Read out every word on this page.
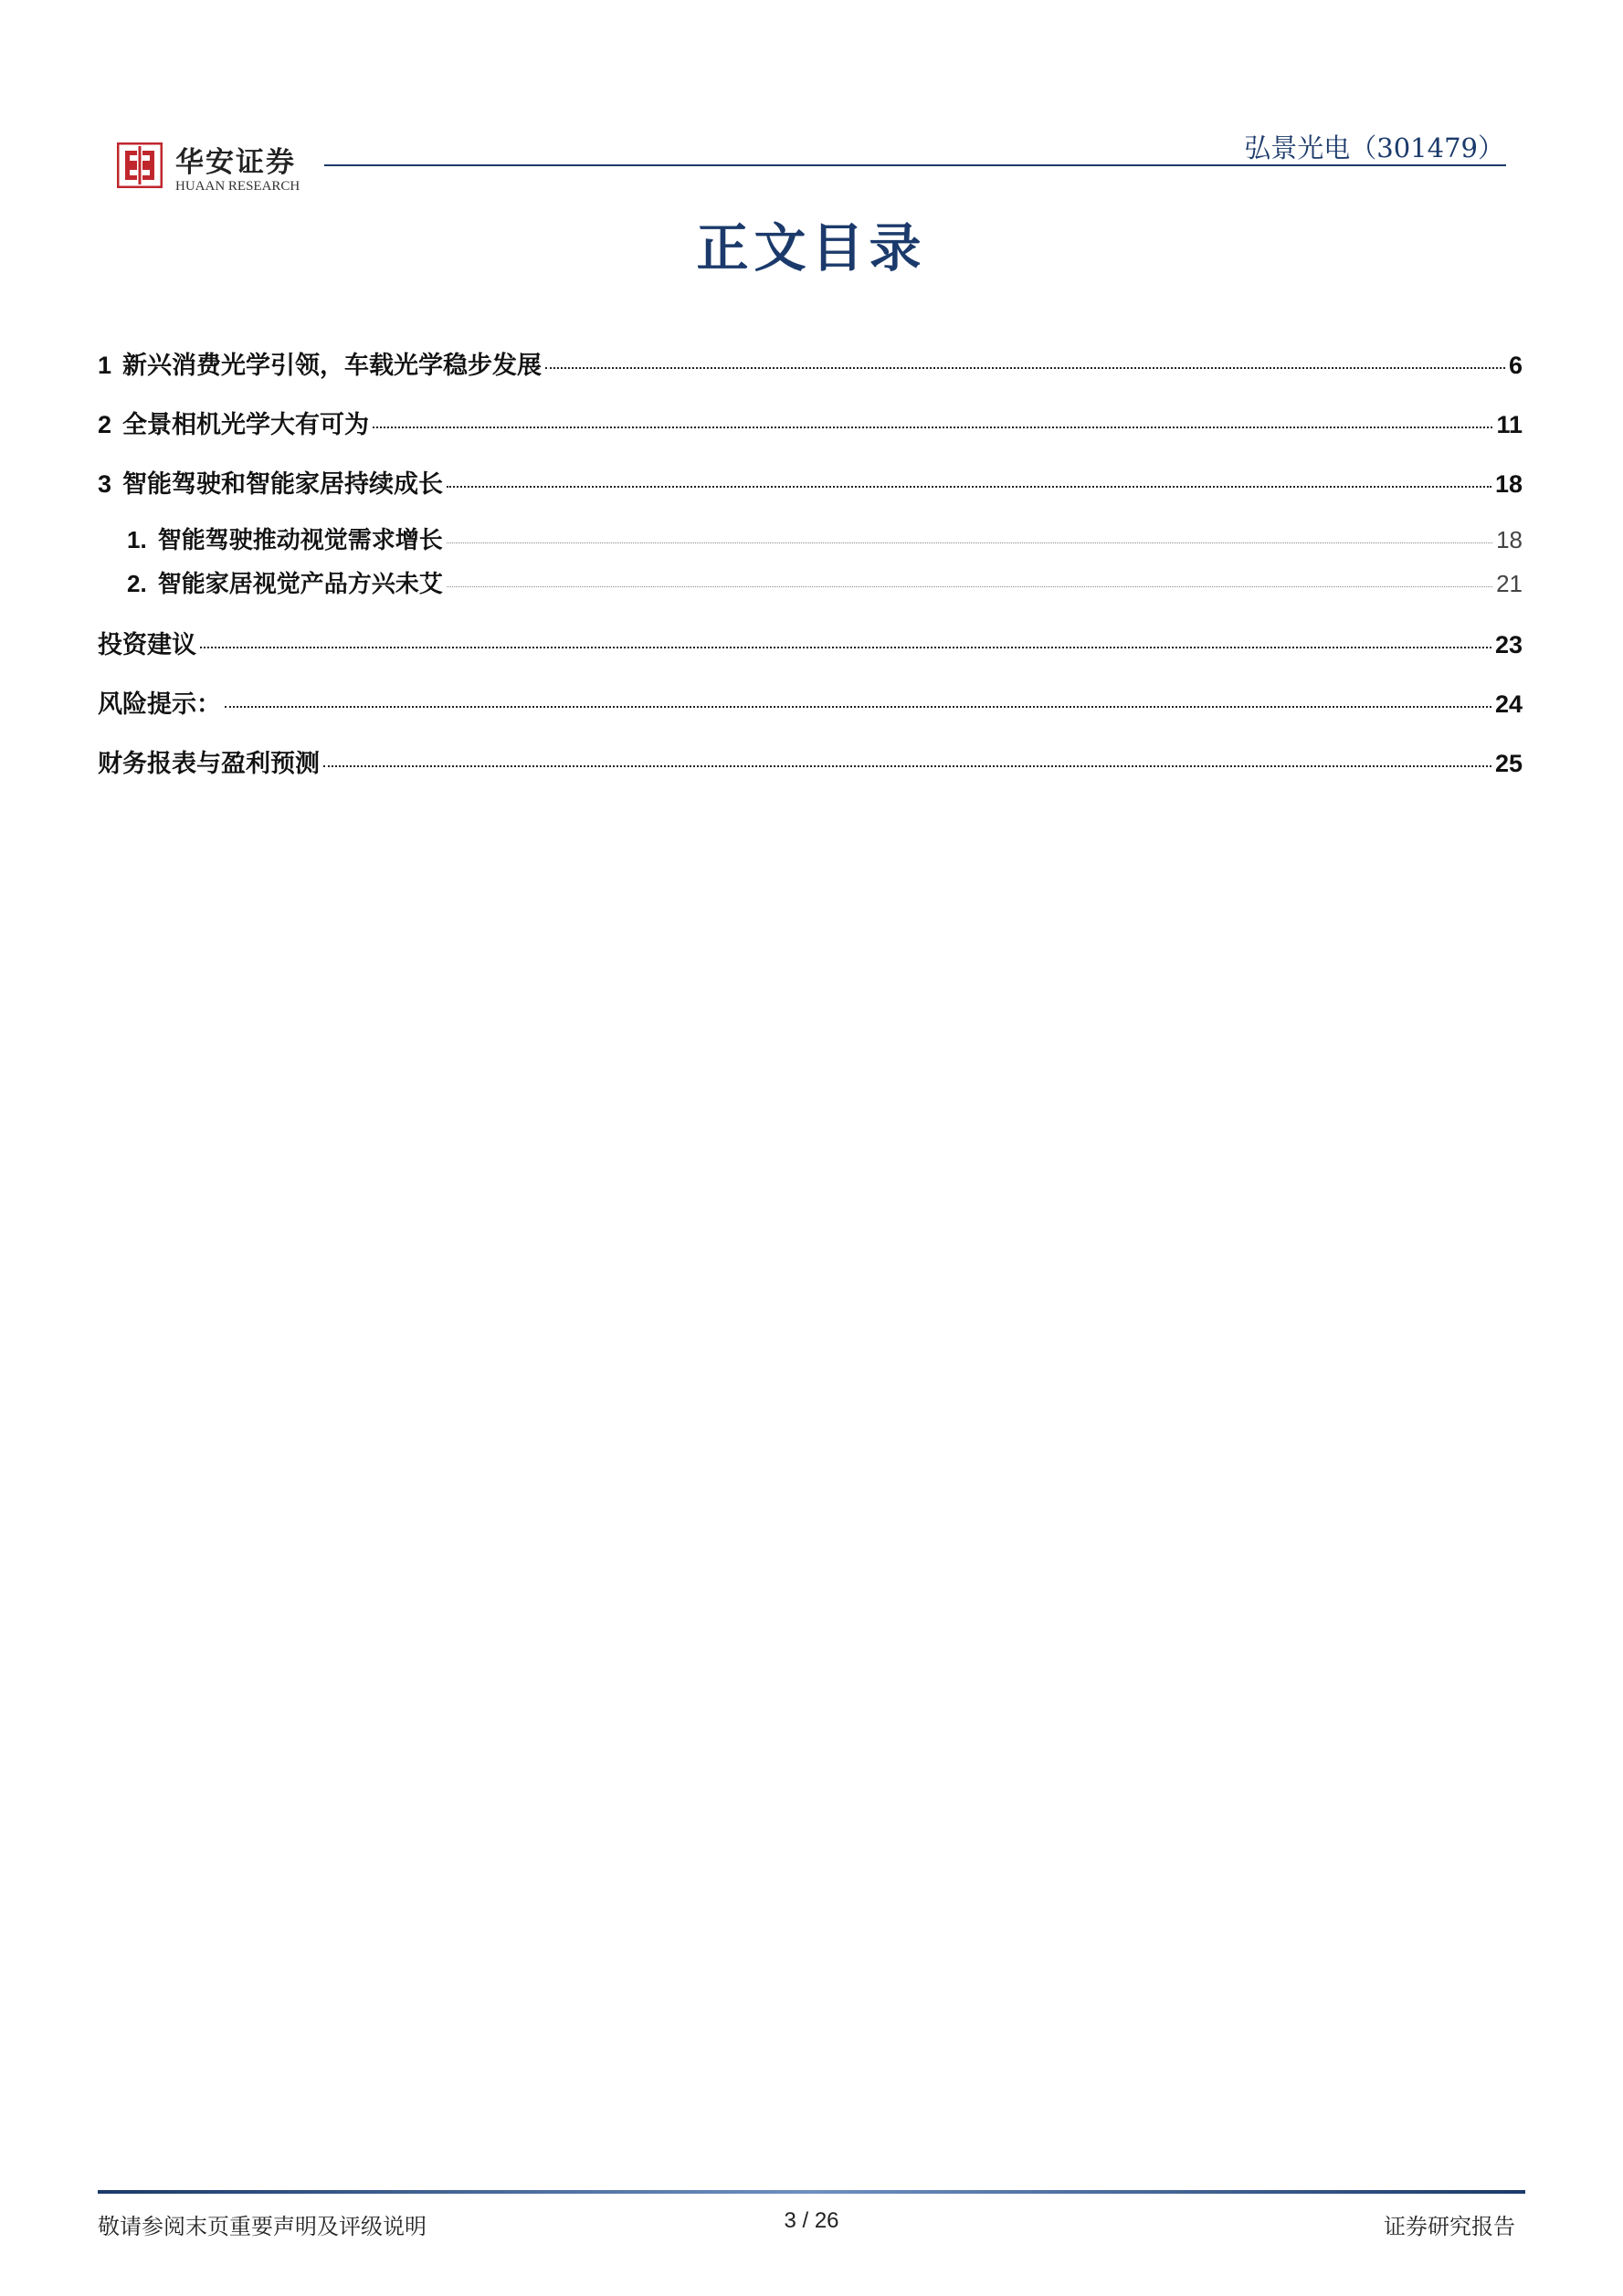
华安证券
HUAAN RESEARCH
弘景光电（301479）
正文目录
1 新兴消费光学引领，车载光学稳步发展	6
2 全景相机光学大有可为	11
3 智能驾驶和智能家居持续成长	18
1. 智能驾驶推动视觉需求增长	18
2. 智能家居视觉产品方兴未艾	21
投资建议	23
风险提示：	24
财务报表与盈利预测	25
敬请参阅末页重要声明及评级说明	3 / 26	证券研究报告
